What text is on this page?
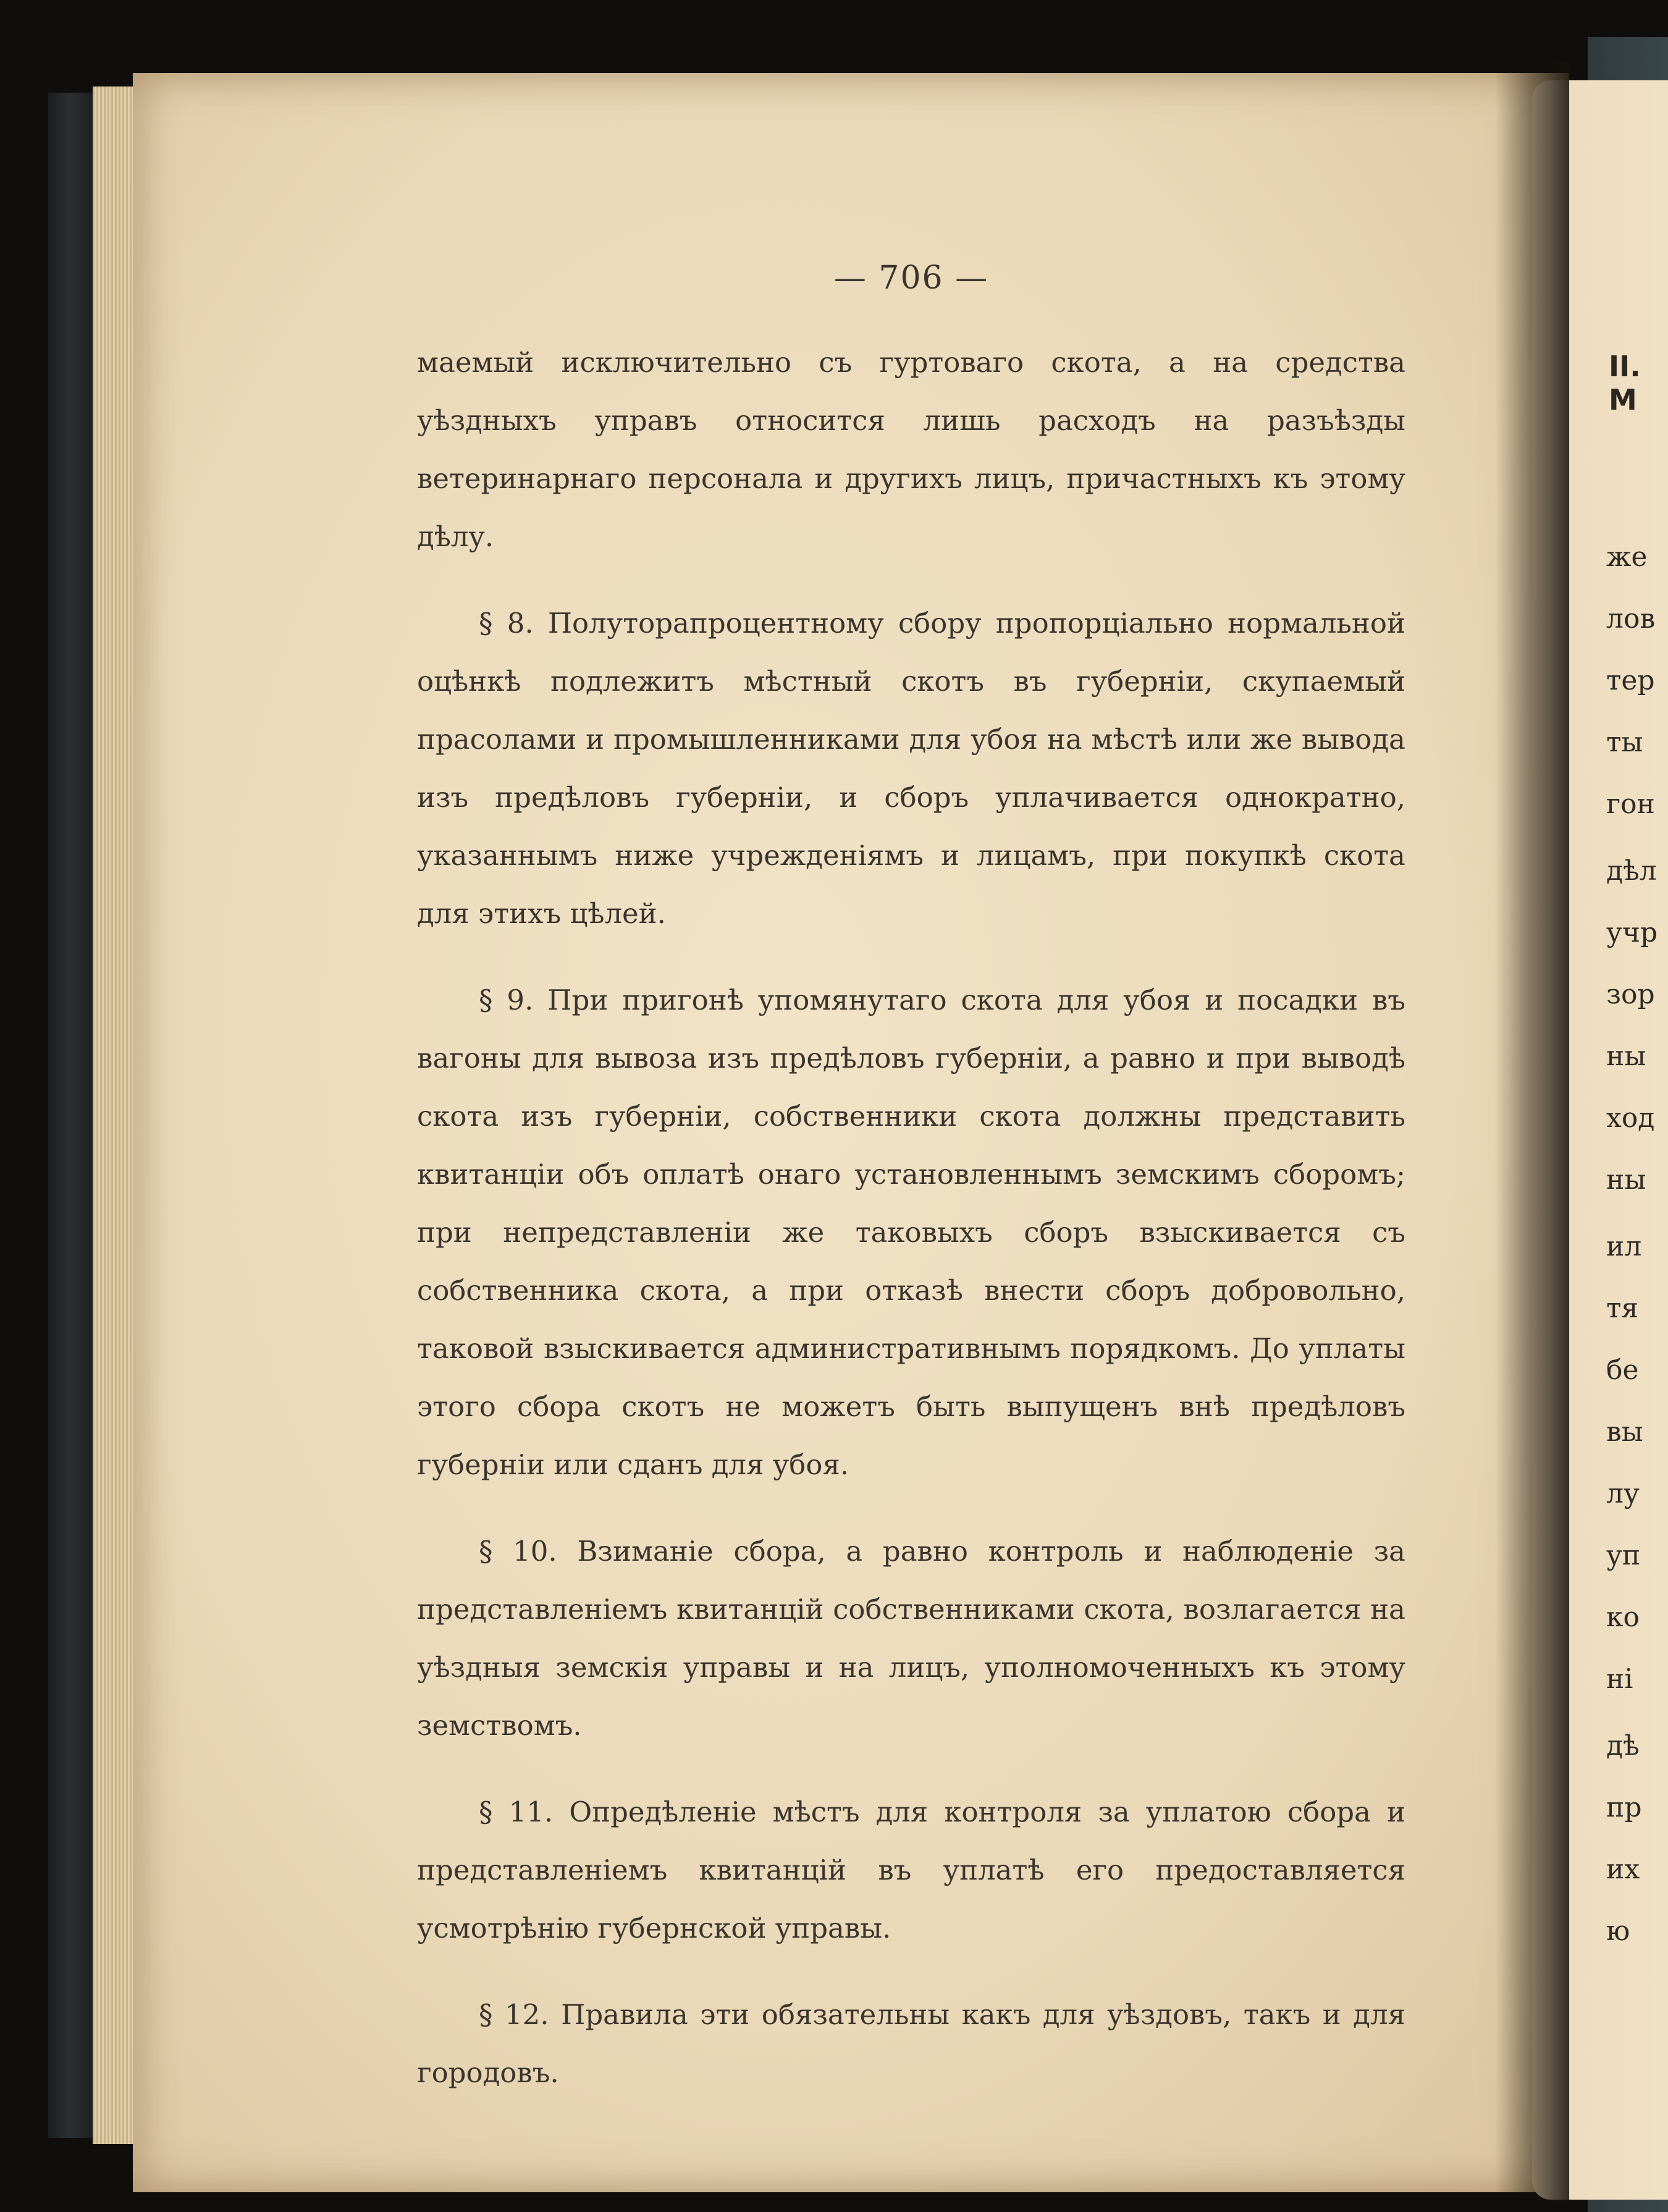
II. М
же
лов
тер
ты
гон
дѣл
учр
зор
ны
ход
ны
ил
тя
бе
вы
лу
уп
ко
ні
дѣ
пр
их
ю
— 706 —

маемый исключительно съ гуртоваго скота, а на средства уѣздныхъ управъ относится лишь расходъ на разъѣзды ветеринарнаго персонала и другихъ лицъ, причастныхъ къ этому дѣлу.

§ 8. Полуторапроцентному сбору пропорціально нормальной оцѣнкѣ подлежитъ мѣстный скотъ въ губерніи, скупаемый прасолами и промышленниками для убоя на мѣстѣ или же вывода изъ предѣловъ губерніи, и сборъ уплачивается однократно, указаннымъ ниже учрежденіямъ и лицамъ, при покупкѣ скота для этихъ цѣлей.

§ 9. При пригонѣ упомянутаго скота для убоя и посадки въ вагоны для вывоза изъ предѣловъ губерніи, а равно и при выводѣ скота изъ губерніи, собственники скота должны представить квитанціи объ оплатѣ онаго установленнымъ земскимъ сборомъ; при непредставленіи же таковыхъ сборъ взыскивается съ собственника скота, а при отказѣ внести сборъ добровольно, таковой взыскивается административнымъ порядкомъ. До уплаты этого сбора скотъ не можетъ быть выпущенъ внѣ предѣловъ губерніи или сданъ для убоя.

§ 10. Взиманіе сбора, а равно контроль и наблюденіе за представленіемъ квитанцій собственниками скота, возлагается на уѣздныя земскія управы и на лицъ, уполномоченныхъ къ этому земствомъ.

§ 11. Опредѣленіе мѣстъ для контроля за уплатою сбора и представленіемъ квитанцій въ уплатѣ его предоставляется усмотрѣнію губернской управы.

§ 12. Правила эти обязательны какъ для уѣздовъ, такъ и для городовъ.
